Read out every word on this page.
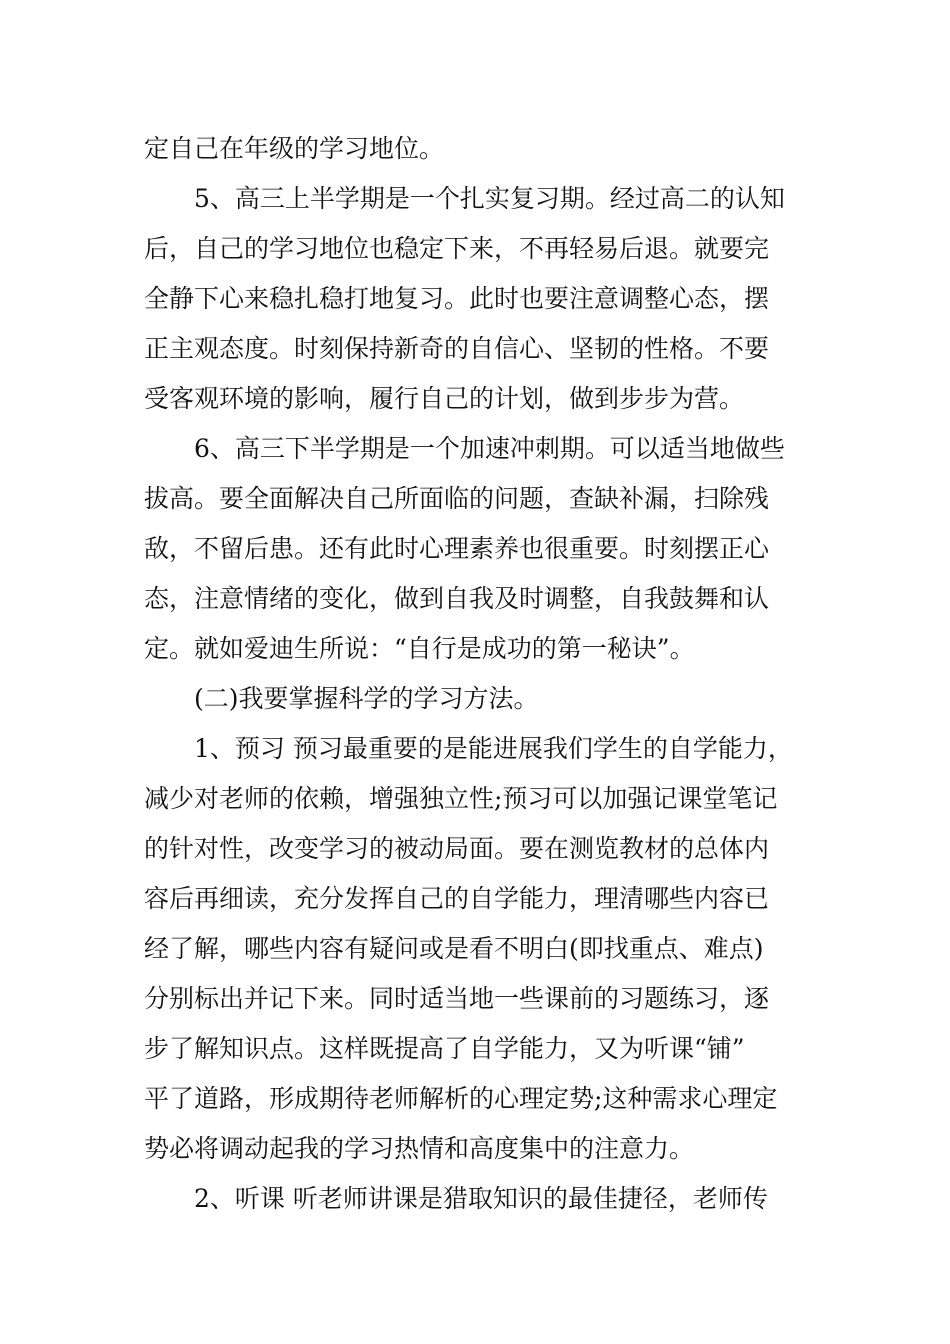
定自己在年级的学习地位。
5、高三上半学期是一个扎实复习期。经过高二的认知
后，自己的学习地位也稳定下来，不再轻易后退。就要完
全静下心来稳扎稳打地复习。此时也要注意调整心态，摆
正主观态度。时刻保持新奇的自信心、坚韧的性格。不要
受客观环境的影响，履行自己的计划，做到步步为营。
6、高三下半学期是一个加速冲刺期。可以适当地做些
拔高。要全面解决自己所面临的问题，查缺补漏，扫除残
敌，不留后患。还有此时心理素养也很重要。时刻摆正心
态，注意情绪的变化，做到自我及时调整，自我鼓舞和认
定。就如爱迪生所说：“自行是成功的第一秘诀”。
(二)我要掌握科学的学习方法。
1、预习 预习最重要的是能进展我们学生的自学能力，
减少对老师的依赖，增强独立性;预习可以加强记课堂笔记
的针对性，改变学习的被动局面。要在测览教材的总体内
容后再细读，充分发挥自己的自学能力，理清哪些内容已
经了解，哪些内容有疑问或是看不明白(即找重点、难点)
分别标出并记下来。同时适当地一些课前的习题练习，逐
步了解知识点。这样既提高了自学能力，又为听课“铺”
平了道路，形成期待老师解析的心理定势;这种需求心理定
势必将调动起我的学习热情和高度集中的注意力。
2、听课 听老师讲课是猎取知识的最佳捷径，老师传
